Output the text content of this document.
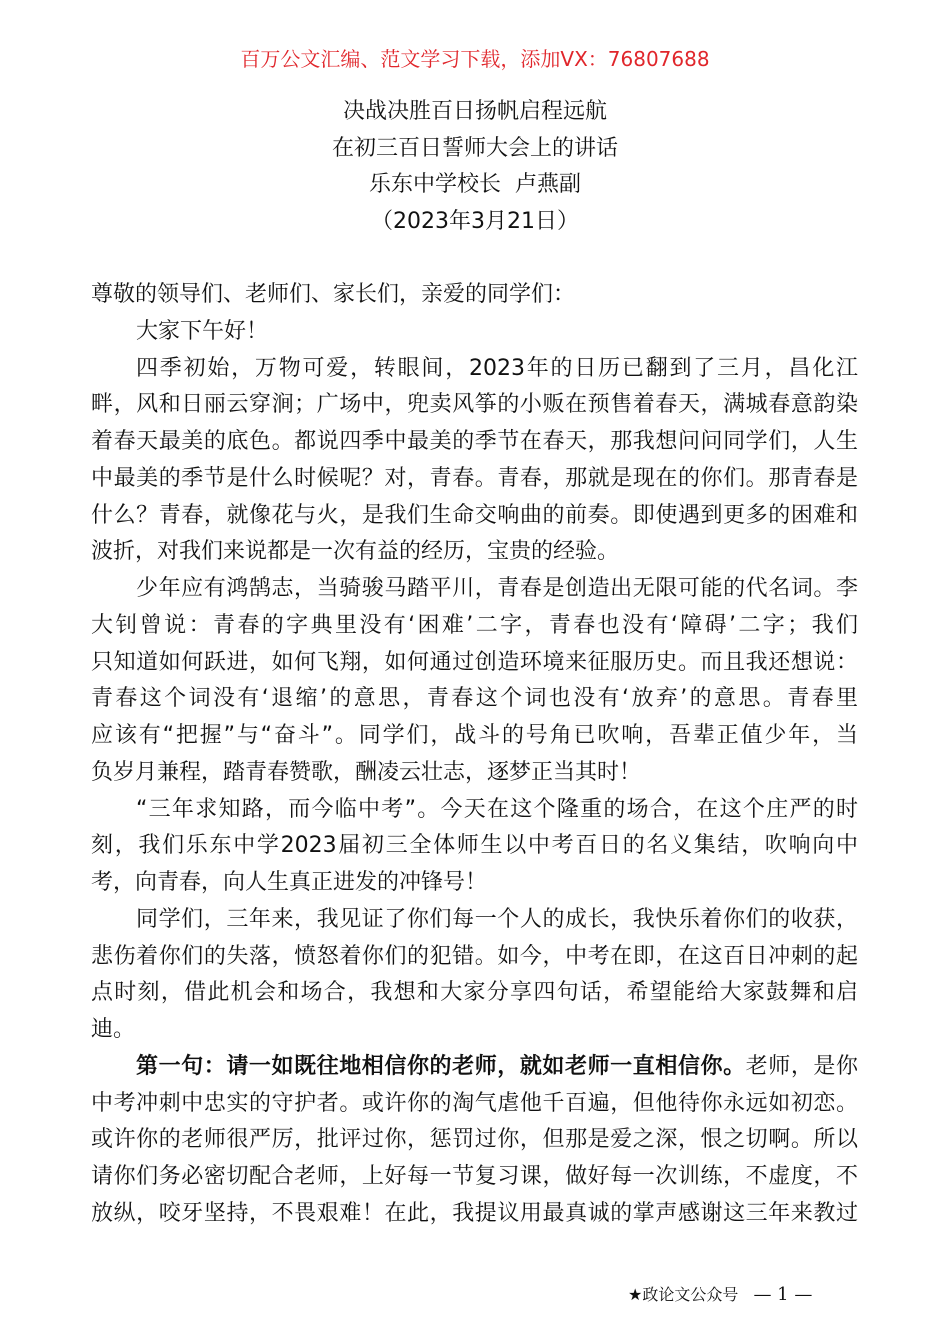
百万公文汇编、范文学习下载，添加VX：76807688
决战决胜百日扬帆启程远航
在初三百日誓师大会上的讲话
乐东中学校长  卢燕副
（2023年3月21日）
尊敬的领导们、老师们、家长们，亲爱的同学们：
大家下午好！
四季初始，万物可爱，转眼间，2023年的日历已翻到了三月，昌化江
畔，风和日丽云穿涧；广场中，兜卖风筝的小贩在预售着春天，满城春意韵染
着春天最美的底色。都说四季中最美的季节在春天，那我想问问同学们，人生
中最美的季节是什么时候呢？对，青春。青春，那就是现在的你们。那青春是
什么？青春，就像花与火，是我们生命交响曲的前奏。即使遇到更多的困难和
波折，对我们来说都是一次有益的经历，宝贵的经验。
少年应有鸿鹄志，当骑骏马踏平川，青春是创造出无限可能的代名词。李
大钊曾说：青春的字典里没有‘困难’二字，青春也没有‘障碍’二字；我们
只知道如何跃进，如何飞翔，如何通过创造环境来征服历史。而且我还想说：
青春这个词没有‘退缩’的意思，青春这个词也没有‘放弃’的意思。青春里
应该有“把握”与“奋斗”。同学们，战斗的号角已吹响，吾辈正值少年，当
负岁月兼程，踏青春赞歌，酬凌云壮志，逐梦正当其时！
“三年求知路，而今临中考”。今天在这个隆重的场合，在这个庄严的时
刻，我们乐东中学2023届初三全体师生以中考百日的名义集结，吹响向中
考，向青春，向人生真正进发的冲锋号！
同学们，三年来，我见证了你们每一个人的成长，我快乐着你们的收获，
悲伤着你们的失落，愤怒着你们的犯错。如今，中考在即，在这百日冲刺的起
点时刻，借此机会和场合，我想和大家分享四句话，希望能给大家鼓舞和启
迪。
第一句：请一如既往地相信你的老师，就如老师一直相信你。老师，是你
中考冲刺中忠实的守护者。或许你的淘气虐他千百遍，但他待你永远如初恋。
或许你的老师很严厉，批评过你，惩罚过你，但那是爱之深，恨之切啊。所以
请你们务必密切配合老师，上好每一节复习课，做好每一次训练，不虚度，不
放纵，咬牙坚持，不畏艰难！在此，我提议用最真诚的掌声感谢这三年来教过
★政论文公众号 — 1 —
